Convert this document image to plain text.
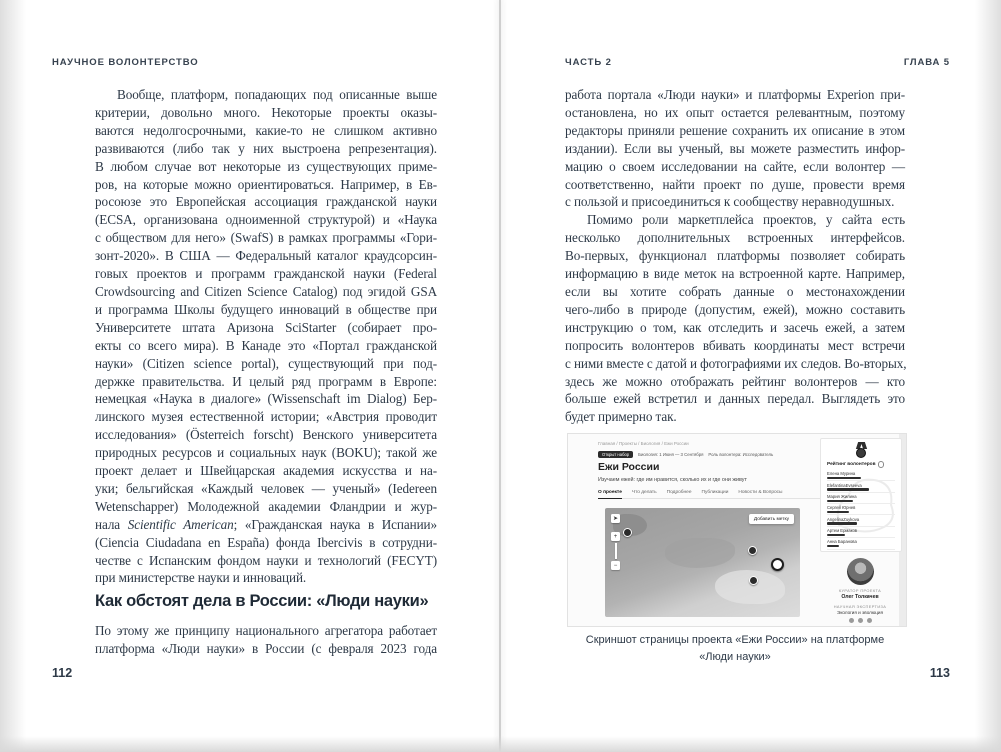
НАУЧНОЕ ВОЛОНТЕРСТВО
Вообще, платформ, попадающих под описанные выше
критерии, довольно много. Некоторые проекты оказы-
ваются недолгосрочными, какие-то не слишком активно
развиваются (либо так у них выстроена репрезентация).
В любом случае вот некоторые из существующих приме-
ров, на которые можно ориентироваться. Например, в Ев-
росоюзе это Европейская ассоциация гражданской науки
(ECSA, организована одноименной структурой) и «Наука
с обществом для него» (SwafS) в рамках программы «Гори-
зонт-2020». В США — Федеральный каталог краудсорсин-
говых проектов и программ гражданской науки (Federal
Crowdsourcing and Citizen Science Catalog) под эгидой GSA
и программа Школы будущего инноваций в обществе при
Университете штата Аризона SciStarter (собирает про-
екты со всего мира). В Канаде это «Портал гражданской
науки» (Citizen science portal), существующий при под-
держке правительства. И целый ряд программ в Европе:
немецкая «Наука в диалоге» (Wissenschaft im Dialog) Бер-
линского музея естественной истории; «Австрия проводит
исследования» (Österreich forscht) Венского университета
природных ресурсов и социальных наук (BOKU); такой же
проект делает и Швейцарская академия искусства и на-
уки; бельгийская «Каждый человек — ученый» (Iedereen
Wetenschapper) Молодежной академии Фландрии и жур-
нала Scientific American; «Гражданская наука в Испании»
(Ciencia Ciudadana en España) фонда Ibercivis в сотрудни-
честве с Испанским фондом науки и технологий (FECYT)
при министерстве науки и инноваций.
Как обстоят дела в России: «Люди науки»
По этому же принципу национального агрегатора работает
платформа «Люди науки» в России (с февраля 2023 года
112
ЧАСТЬ 2	ГЛАВА 5
работа портала «Люди науки» и платформы Experion при-
остановлена, но их опыт остается релевантным, поэтому
редакторы приняли решение сохранить их описание в этом
издании). Если вы ученый, вы можете разместить инфор-
мацию о своем исследовании на сайте, если волонтер —
соответственно, найти проект по душе, провести время
с пользой и присоединиться к сообществу неравнодушных.
Помимо роли маркетплейса проектов, у сайта есть
несколько дополнительных встроенных интерфейсов.
Во-первых, функционал платформы позволяет собирать
информацию в виде меток на встроенной карте. Например,
если вы хотите собрать данные о местонахождении
чего-либо в природе (допустим, ежей), можно составить
инструкцию о том, как отследить и засечь ежей, а затем
попросить волонтеров вбивать координаты мест встречи
с ними вместе с датой и фотографиями их следов. Во-вторых,
здесь же можно отображать рейтинг волонтеров — кто
больше ежей встретил и данных передал. Выглядеть это
будет примерно так.
Главная / Проекты / Биология / Ежи России
Открыт набор	Биология: 1 Июня — 3 Сентября Роль волонтера: Исследователь
Ежи России
Изучаем ежей: где им нравится, сколько их и где они живут
О проекте Что делать Подробнее Публикации Новости & Вопросы
Добавить метку
➤
+
−
Рейтинг волонтеров
Елена Мурина
ElefantinaEvseeva
Мария Жилина
Сергей Юрнев
AngelinaZuykova
Артем Ермаков
Анна Баранова
КУРАТОР ПРОЕКТА
Олег Толкачев
НАУЧНАЯ ЭКСПЕРТИЗА
Экология и эволюция
Скриншот страницы проекта «Ежи России» на платформе
«Люди науки»
113
